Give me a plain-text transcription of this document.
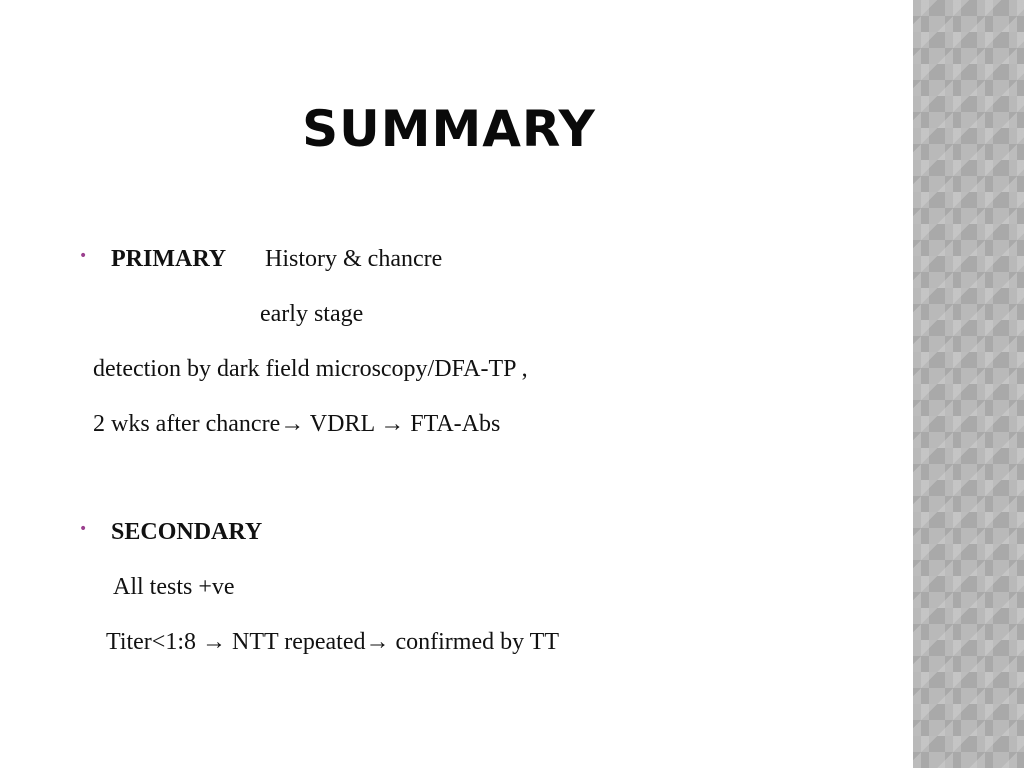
SUMMARY
• PRIMARY History & chancre
early stage
detection by dark field microscopy/DFA-TP ,
2 wks after chancre→ VDRL → FTA-Abs
• SECONDARY
All tests +ve
Titer<1:8 → NTT repeated→ confirmed by TT
